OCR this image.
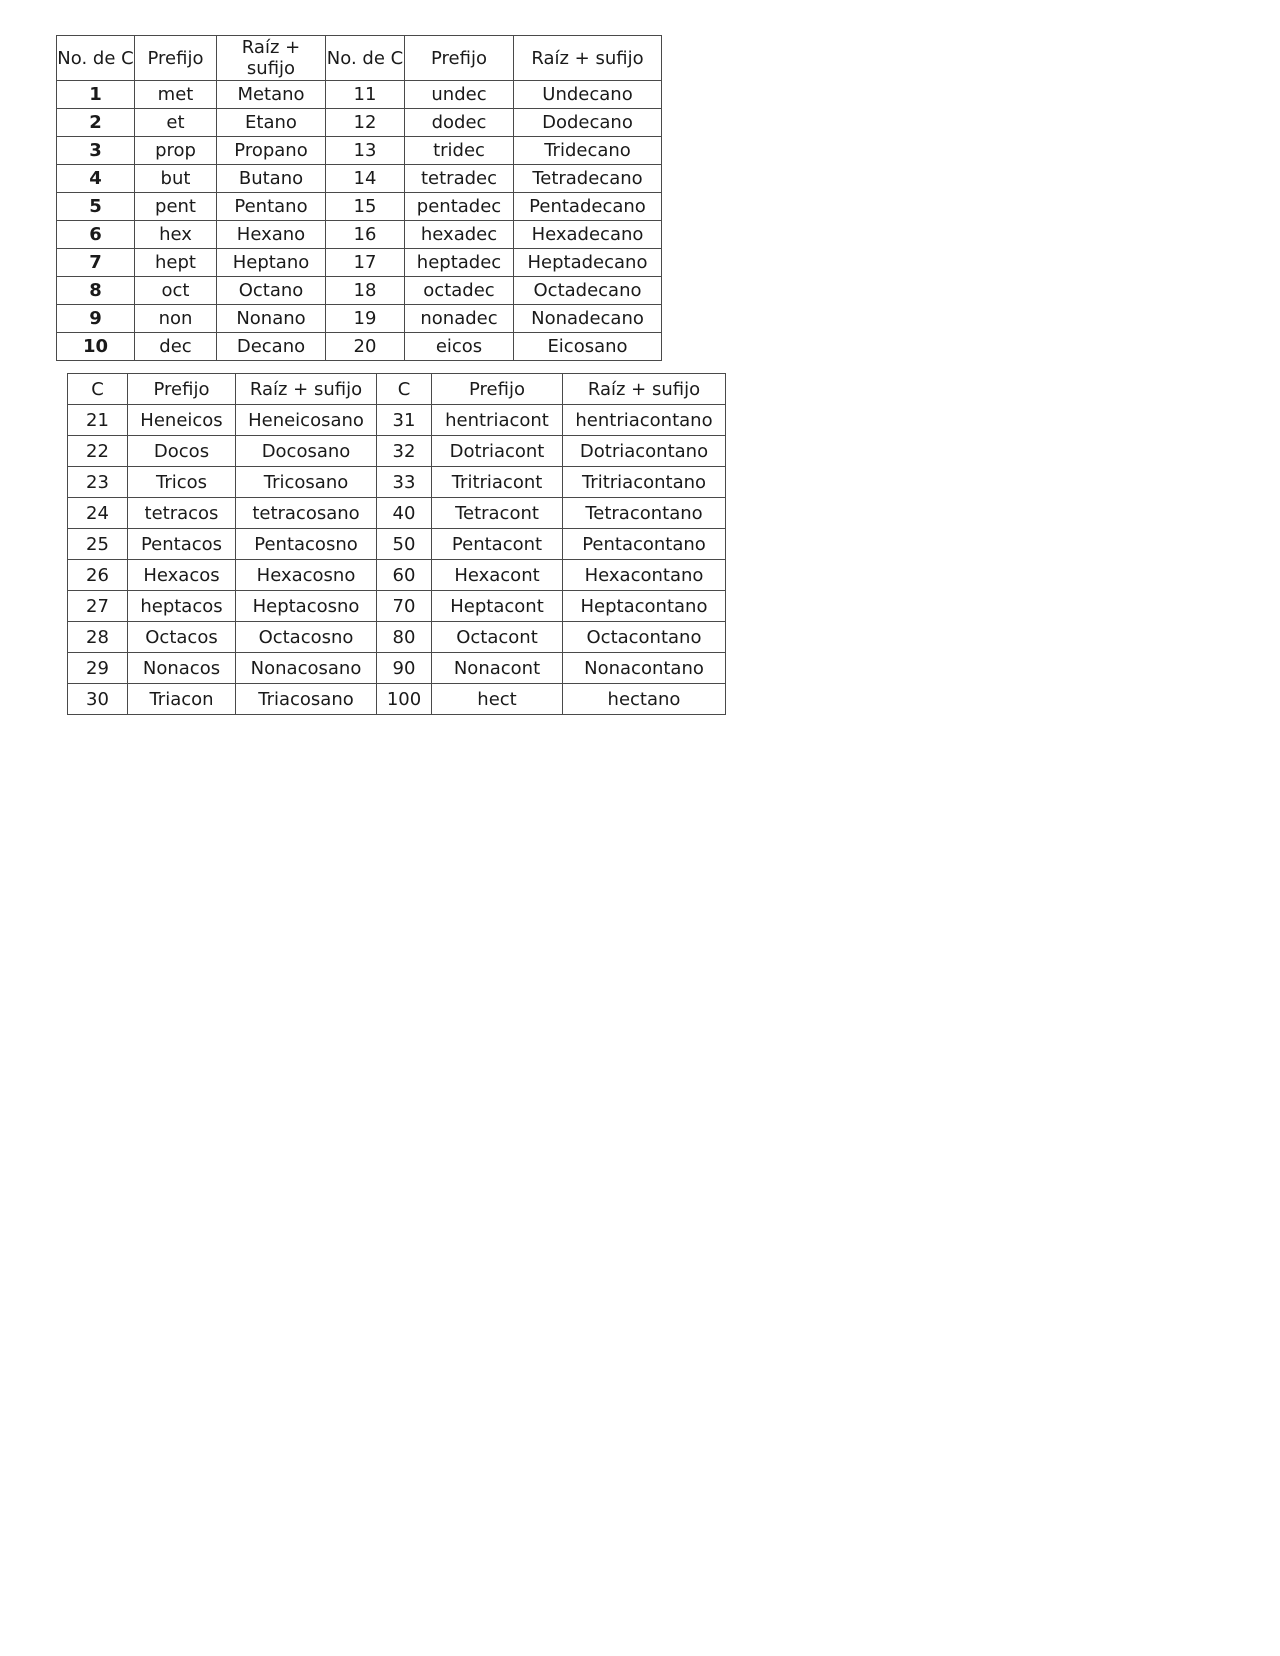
No. de C	Prefijo	Raíz + sufijo	No. de C	Prefijo	Raíz + sufijo
1	met	Metano	11	undec	Undecano
2	et	Etano	12	dodec	Dodecano
3	prop	Propano	13	tridec	Tridecano
4	but	Butano	14	tetradec	Tetradecano
5	pent	Pentano	15	pentadec	Pentadecano
6	hex	Hexano	16	hexadec	Hexadecano
7	hept	Heptano	17	heptadec	Heptadecano
8	oct	Octano	18	octadec	Octadecano
9	non	Nonano	19	nonadec	Nonadecano
10	dec	Decano	20	eicos	Eicosano
C	Prefijo	Raíz + sufijo	C	Prefijo	Raíz + sufijo
21	Heneicos	Heneicosano	31	hentriacont	hentriacontano
22	Docos	Docosano	32	Dotriacont	Dotriacontano
23	Tricos	Tricosano	33	Tritriacont	Tritriacontano
24	tetracos	tetracosano	40	Tetracont	Tetracontano
25	Pentacos	Pentacosno	50	Pentacont	Pentacontano
26	Hexacos	Hexacosno	60	Hexacont	Hexacontano
27	heptacos	Heptacosno	70	Heptacont	Heptacontano
28	Octacos	Octacosno	80	Octacont	Octacontano
29	Nonacos	Nonacosano	90	Nonacont	Nonacontano
30	Triacon	Triacosano	100	hect	hectano
